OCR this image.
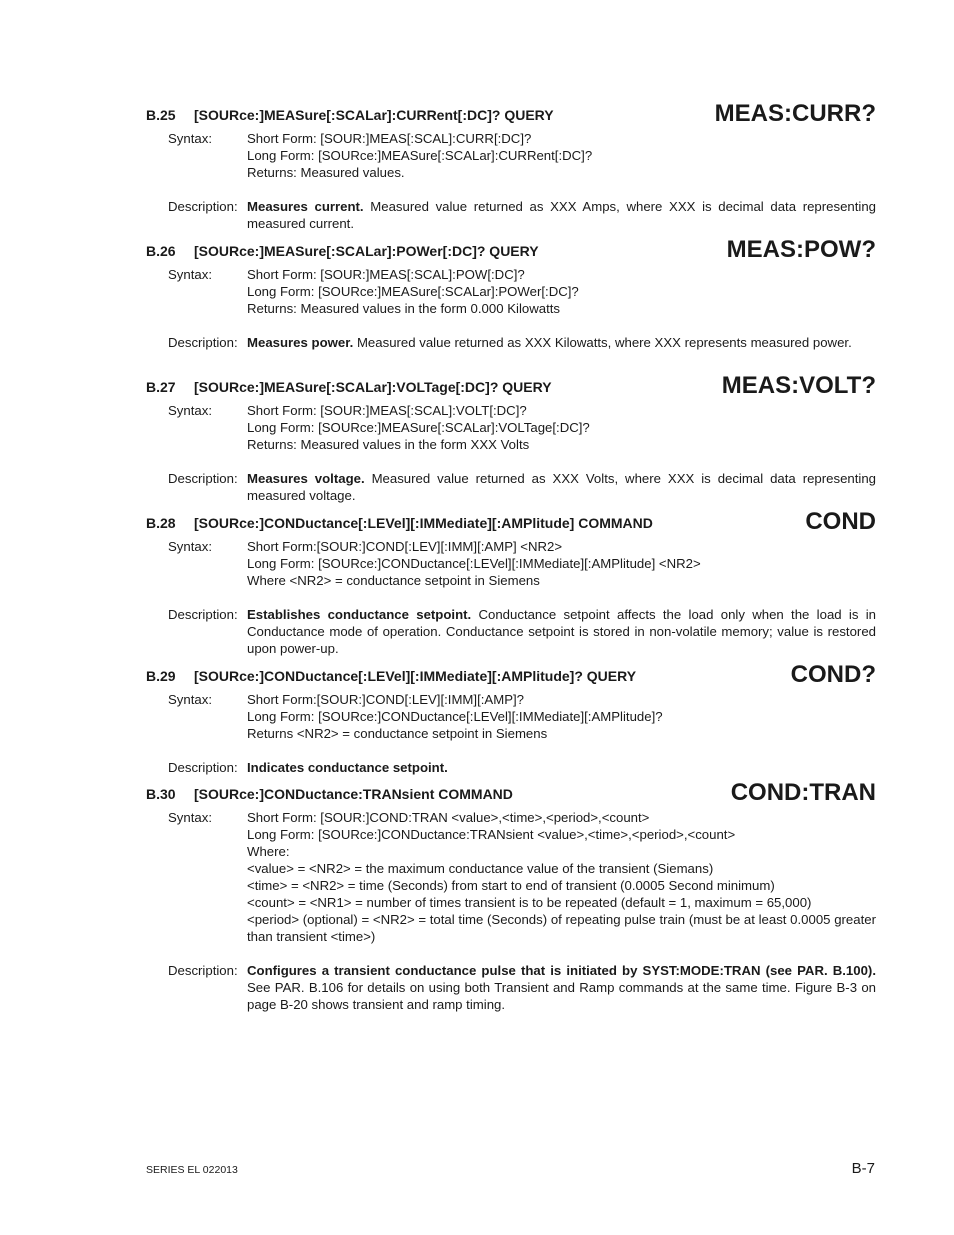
B.25 [SOURce:]MEASure[:SCALar]:CURRent[:DC]? QUERY	MEAS:CURR?
Syntax:	Short Form: [SOUR:]MEAS[:SCAL]:CURR[:DC]?
Long Form: [SOURce:]MEASure[:SCALar]:CURRent[:DC]?
Returns: Measured values.
Description: Measures current. Measured value returned as XXX Amps, where XXX is decimal data representing measured current.
B.26 [SOURce:]MEASure[:SCALar]:POWer[:DC]? QUERY	MEAS:POW?
Syntax:	Short Form: [SOUR:]MEAS[:SCAL]:POW[:DC]?
Long Form: [SOURce:]MEASure[:SCALar]:POWer[:DC]?
Returns: Measured values in the form 0.000 Kilowatts
Description: Measures power. Measured value returned as XXX Kilowatts, where XXX represents measured power.
B.27 [SOURce:]MEASure[:SCALar]:VOLTage[:DC]? QUERY	MEAS:VOLT?
Syntax:	Short Form: [SOUR:]MEAS[:SCAL]:VOLT[:DC]?
Long Form: [SOURce:]MEASure[:SCALar]:VOLTage[:DC]?
Returns: Measured values in the form XXX Volts
Description: Measures voltage. Measured value returned as XXX Volts, where XXX is decimal data representing measured voltage.
B.28 [SOURce:]CONDuctance[:LEVel][:IMMediate][:AMPlitude] COMMAND	COND
Syntax:	Short Form:[SOUR:]COND[:LEV][:IMM][:AMP] <NR2>
Long Form: [SOURce:]CONDuctance[:LEVel][:IMMediate][:AMPlitude] <NR2>
Where <NR2> = conductance setpoint in Siemens
Description: Establishes conductance setpoint. Conductance setpoint affects the load only when the load is in Conductance mode of operation. Conductance setpoint is stored in non-volatile memory; value is restored upon power-up.
B.29 [SOURce:]CONDuctance[:LEVel][:IMMediate][:AMPlitude]? QUERY	COND?
Syntax:	Short Form:[SOUR:]COND[:LEV][:IMM][:AMP]?
Long Form: [SOURce:]CONDuctance[:LEVel][:IMMediate][:AMPlitude]?
Returns <NR2> = conductance setpoint in Siemens
Description: Indicates conductance setpoint.
B.30 [SOURce:]CONDuctance:TRANsient COMMAND	COND:TRAN
Syntax:	Short Form: [SOUR:]COND:TRAN <value>,<time>,<period>,<count>
Long Form: [SOURce:]CONDuctance:TRANsient <value>,<time>,<period>,<count>
Where:
<value> = <NR2> = the maximum conductance value of the transient (Siemans)
<time> = <NR2> = time (Seconds) from start to end of transient (0.0005 Second minimum)
<count> = <NR1> = number of times transient is to be repeated (default = 1, maximum = 65,000)
<period> (optional) = <NR2> = total time (Seconds) of repeating pulse train (must be at least 0.0005 greater than transient <time>)
Description: Configures a transient conductance pulse that is initiated by SYST:MODE:TRAN (see PAR. B.100). See PAR. B.106 for details on using both Transient and Ramp commands at the same time. Figure B-3 on page B-20 shows transient and ramp timing.
SERIES EL 022013	B-7
